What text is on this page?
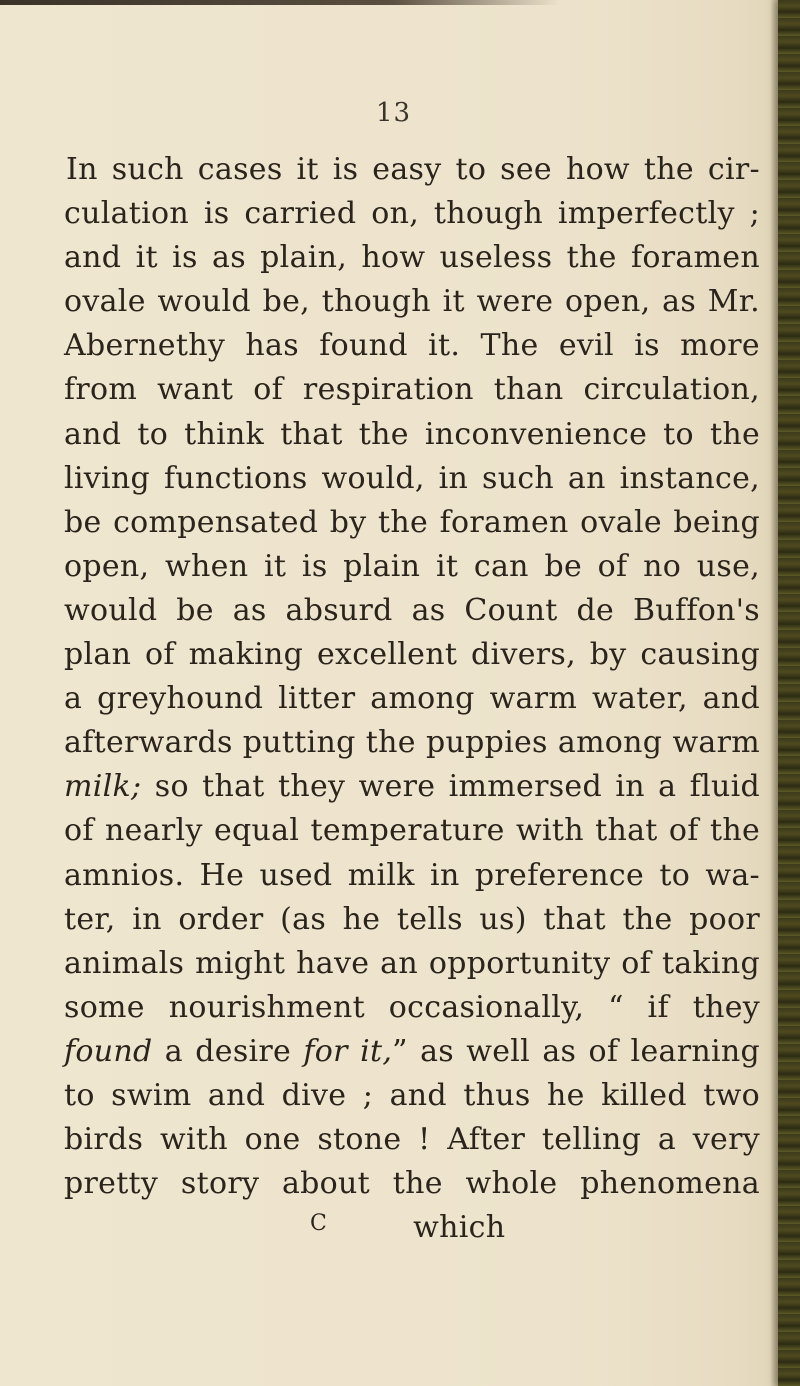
13
In such cases it is easy to see how the cir-
culation is carried on, though imperfectly ;
and it is as plain, how useless the foramen
ovale would be, though it were open, as Mr.
Abernethy has found it. The evil is more
from want of respiration than circulation,
and to think that the inconvenience to the
living functions would, in such an instance,
be compensated by the foramen ovale being
open, when it is plain it can be of no use,
would be as absurd as Count de Buffon's
plan of making excellent divers, by causing
a greyhound litter among warm water, and
afterwards putting the puppies among warm
milk; so that they were immersed in a fluid
of nearly equal temperature with that of the
amnios. He used milk in preference to wa-
ter, in order (as he tells us) that the poor
animals might have an opportunity of taking
some nourishment occasionally, “ if they
found a desire for it,” as well as of learning
to swim and dive ; and thus he killed two
birds with one stone ! After telling a very
pretty story about the whole phenomena
C	which
